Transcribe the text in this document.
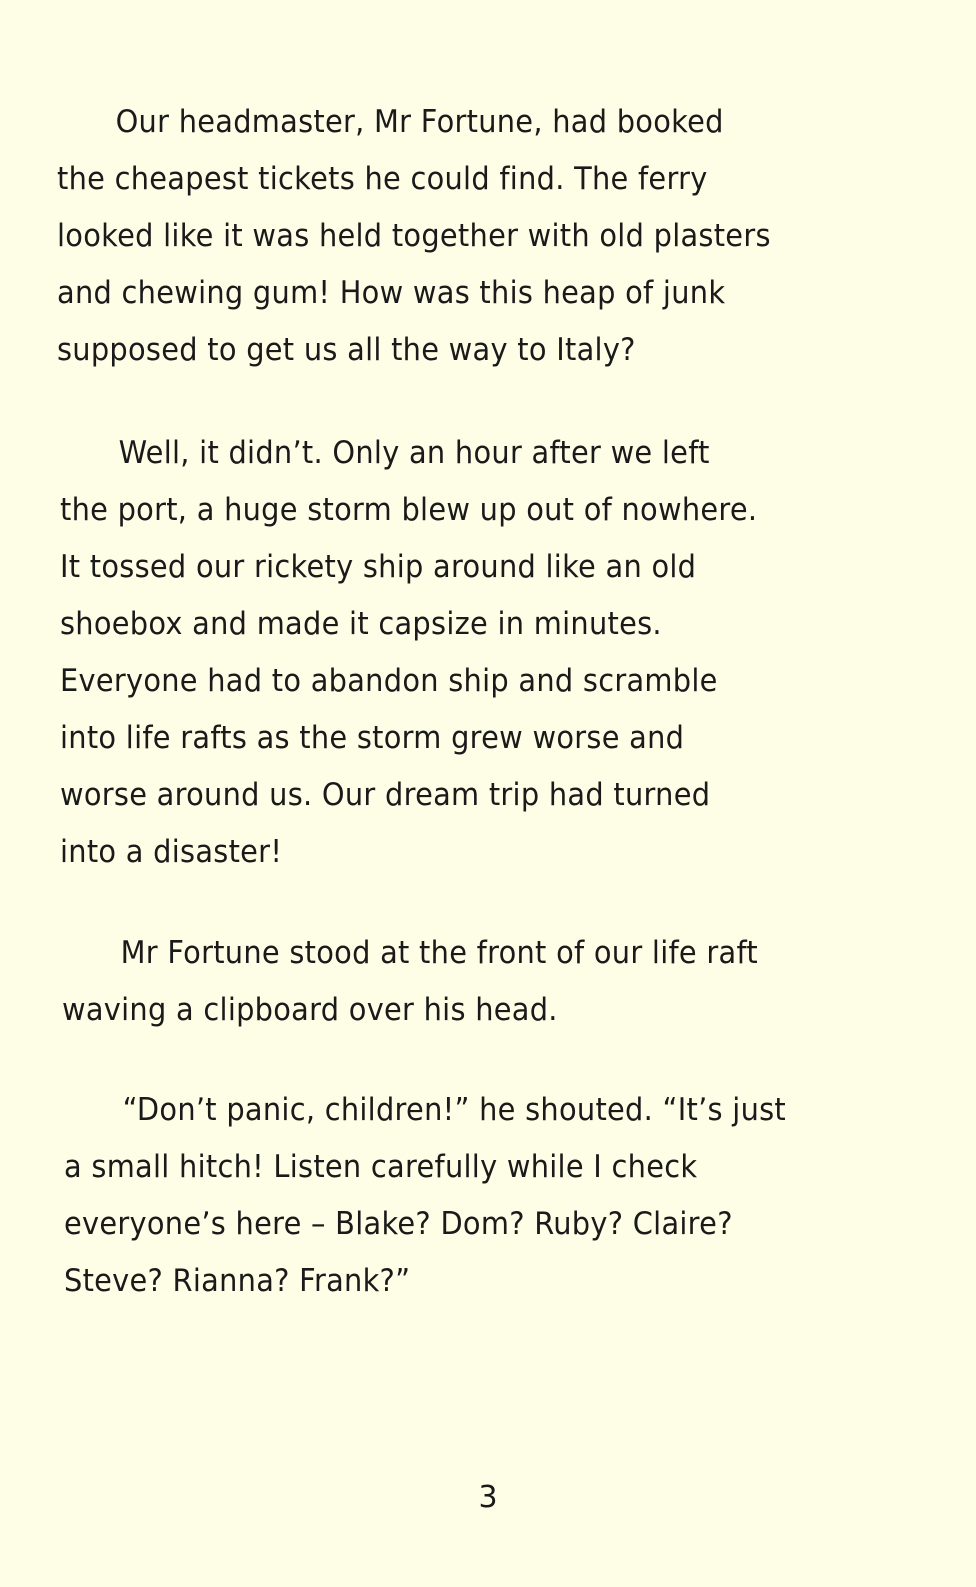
Our headmaster, Mr Fortune, had booked
the cheapest tickets he could find. The ferry
looked like it was held together with old plasters
and chewing gum! How was this heap of junk
supposed to get us all the way to Italy?
Well, it didn’t. Only an hour after we left
the port, a huge storm blew up out of nowhere.
It tossed our rickety ship around like an old
shoebox and made it capsize in minutes.
Everyone had to abandon ship and scramble
into life rafts as the storm grew worse and
worse around us. Our dream trip had turned
into a disaster!
Mr Fortune stood at the front of our life raft
waving a clipboard over his head.
“Don’t panic, children!” he shouted. “It’s just
a small hitch! Listen carefully while I check
everyone’s here – Blake? Dom? Ruby? Claire?
Steve? Rianna? Frank?”
3
